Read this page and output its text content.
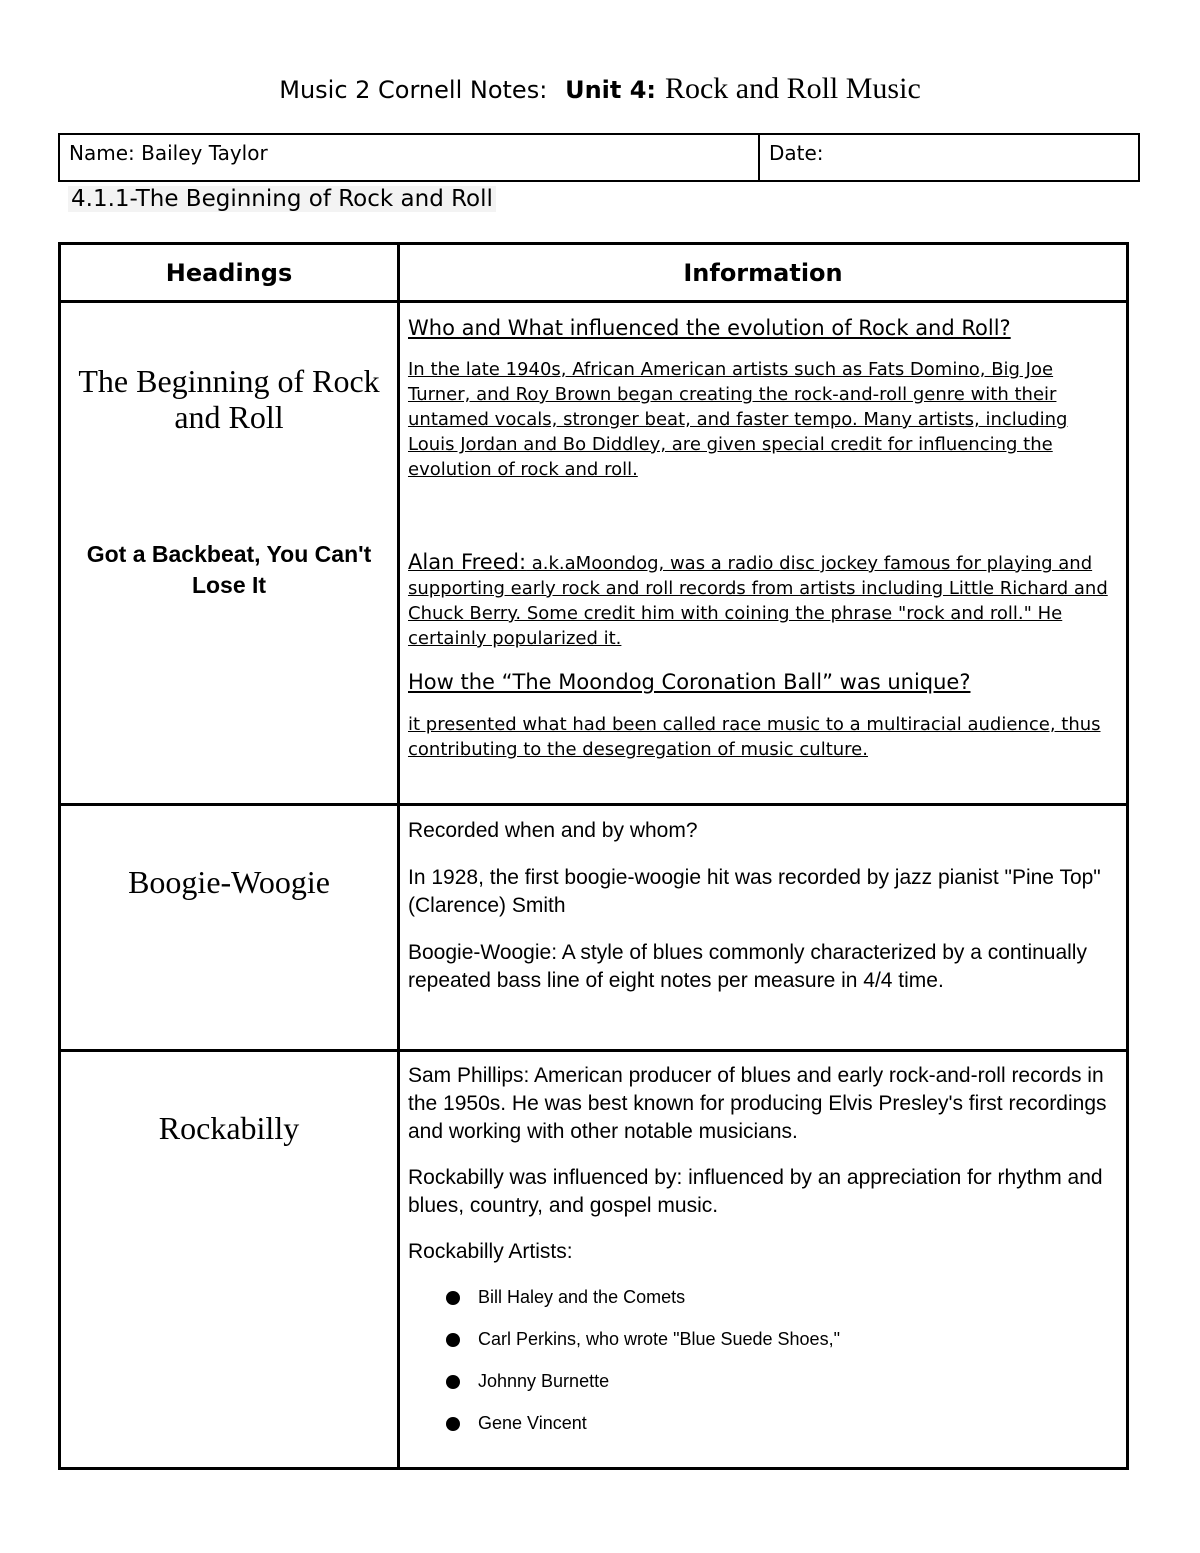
Music 2 Cornell Notes: Unit 4: Rock and Roll Music
Name: Bailey Taylor	Date:
4.1.1-The Beginning of Rock and Roll
Headings	Information
The Beginning of Rock and Roll
Got a Backbeat, You Can't Lose It

Who and What influenced the evolution of Rock and Roll?

In the late 1940s, African American artists such as Fats Domino, Big Joe Turner, and Roy Brown began creating the rock-and-roll genre with their untamed vocals, stronger beat, and faster tempo. Many artists, including Louis Jordan and Bo Diddley, are given special credit for influencing the evolution of rock and roll.

Alan Freed: a.k.aMoondog, was a radio disc jockey famous for playing and supporting early rock and roll records from artists including Little Richard and Chuck Berry. Some credit him with coining the phrase "rock and roll." He certainly popularized it.

How the “The Moondog Coronation Ball” was unique?

it presented what had been called race music to a multiracial audience, thus contributing to the desegregation of music culture.

Boogie-Woogie

Recorded when and by whom?

In 1928, the first boogie-woogie hit was recorded by jazz pianist "Pine Top" (Clarence) Smith

Boogie-Woogie: A style of blues commonly characterized by a continually repeated bass line of eight notes per measure in 4/4 time.

Rockabilly

Sam Phillips: American producer of blues and early rock-and-roll records in the 1950s. He was best known for producing Elvis Presley's first recordings and working with other notable musicians.

Rockabilly was influenced by: influenced by an appreciation for rhythm and blues, country, and gospel music.

Rockabilly Artists:

Bill Haley and the Comets
Carl Perkins, who wrote "Blue Suede Shoes,"
Johnny Burnette
Gene Vincent
